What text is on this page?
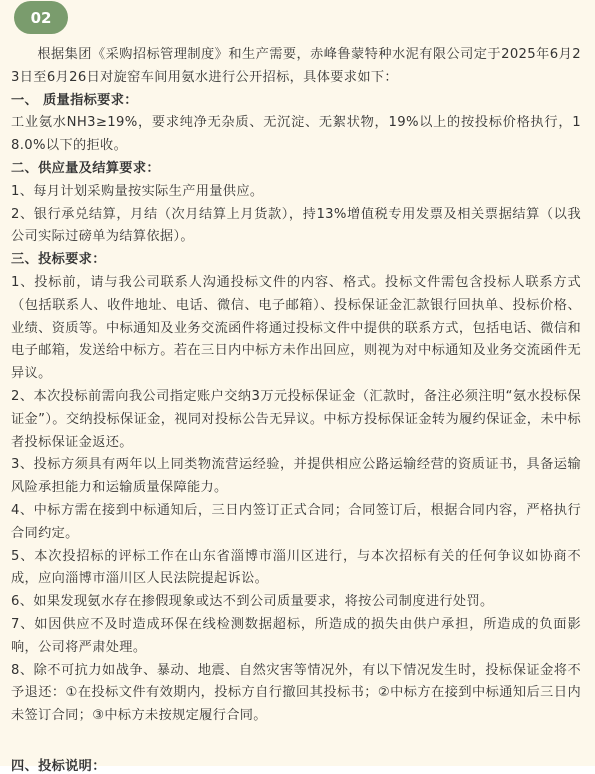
02

根据集团《采购招标管理制度》和生产需要，赤峰鲁蒙特种水泥有限公司定于2025年6月23日至6月26日对旋窑车间用氨水进行公开招标，具体要求如下：

一、 质量指标要求：

工业氨水NH3≥19%，要求纯净无杂质、无沉淀、无絮状物，19%以上的按投标价格执行，18.0%以下的拒收。

二、供应量及结算要求：

1、每月计划采购量按实际生产用量供应。

2、银行承兑结算，月结（次月结算上月货款），持13%增值税专用发票及相关票据结算（以我公司实际过磅单为结算依据）。

三、投标要求：

1、投标前，请与我公司联系人沟通投标文件的内容、格式。投标文件需包含投标人联系方式（包括联系人、收件地址、电话、微信、电子邮箱）、投标保证金汇款银行回执单、投标价格、业绩、资质等。中标通知及业务交流函件将通过投标文件中提供的联系方式，包括电话、微信和电子邮箱，发送给中标方。若在三日内中标方未作出回应，则视为对中标通知及业务交流函件无异议。

2、本次投标前需向我公司指定账户交纳3万元投标保证金（汇款时，备注必须注明“氨水投标保证金”）。交纳投标保证金，视同对投标公告无异议。中标方投标保证金转为履约保证金，未中标者投标保证金返还。

3、投标方须具有两年以上同类物流营运经验，并提供相应公路运输经营的资质证书，具备运输风险承担能力和运输质量保障能力。

4、中标方需在接到中标通知后，三日内签订正式合同；合同签订后，根据合同内容，严格执行合同约定。

5、本次投招标的评标工作在山东省淄博市淄川区进行，与本次招标有关的任何争议如协商不成，应向淄博市淄川区人民法院提起诉讼。

6、如果发现氨水存在掺假现象或达不到公司质量要求，将按公司制度进行处罚。

7、如因供应不及时造成环保在线检测数据超标，所造成的损失由供户承担，所造成的负面影响，公司将严肃处理。

8、除不可抗力如战争、暴动、地震、自然灾害等情况外，有以下情况发生时，投标保证金将不予退还：①在投标文件有效期内，投标方自行撤回其投标书；②中标方在接到中标通知后三日内未签订合同；③中标方未按规定履行合同。

四、投标说明：
